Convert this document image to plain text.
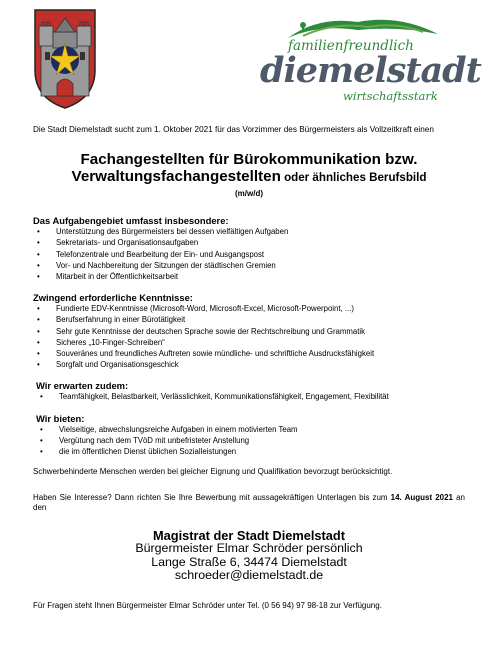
familienfreundlich
diemelstadt
wirtschaftsstark

Die Stadt Diemelstadt sucht zum 1. Oktober 2021 für das Vorzimmer des Bürgermeisters als Vollzeitkraft einen

Fachangestellten für Bürokommunikation bzw.
Verwaltungsfachangestellten oder ähnliches Berufsbild
(m/w/d)
Das Aufgabengebiet umfasst insbesondere:
• Unterstützung des Bürgermeisters bei dessen vielfältigen Aufgaben
• Sekretariats- und Organisationsaufgaben
• Telefonzentrale und Bearbeitung der Ein- und Ausgangspost
• Vor- und Nachbereitung der Sitzungen der städtischen Gremien
• Mitarbeit in der Öffentlichkeitsarbeit
Zwingend erforderliche Kenntnisse:
• Fundierte EDV-Kenntnisse (Microsoft-Word, Microsoft-Excel, Microsoft-Powerpoint, ...)
• Berufserfahrung in einer Bürotätigkeit
• Sehr gute Kenntnisse der deutschen Sprache sowie der Rechtschreibung und Grammatik
• Sicheres „10-Finger-Schreiben“
• Souveränes und freundliches Auftreten sowie mündliche- und schriftliche Ausdrucksfähigkeit
• Sorgfalt und Organisationsgeschick
Wir erwarten zudem:
• Teamfähigkeit, Belastbarkeit, Verlässlichkeit, Kommunikationsfähigkeit, Engagement, Flexibilität
Wir bieten:
• Vielseitige, abwechslungsreiche Aufgaben in einem motivierten Team
• Vergütung nach dem TVöD mit unbefristeter Anstellung
• die im öffentlichen Dienst üblichen Sozialleistungen

Schwerbehinderte Menschen werden bei gleicher Eignung und Qualifikation bevorzugt berücksichtigt.

Haben Sie Interesse? Dann richten Sie Ihre Bewerbung mit aussagekräftigen Unterlagen bis zum 14. August 2021 an den

Magistrat der Stadt Diemelstadt
Bürgermeister Elmar Schröder persönlich
Lange Straße 6, 34474 Diemelstadt
schroeder@diemelstadt.de

Für Fragen steht Ihnen Bürgermeister Elmar Schröder unter Tel. (0 56 94) 97 98-18 zur Verfügung.
